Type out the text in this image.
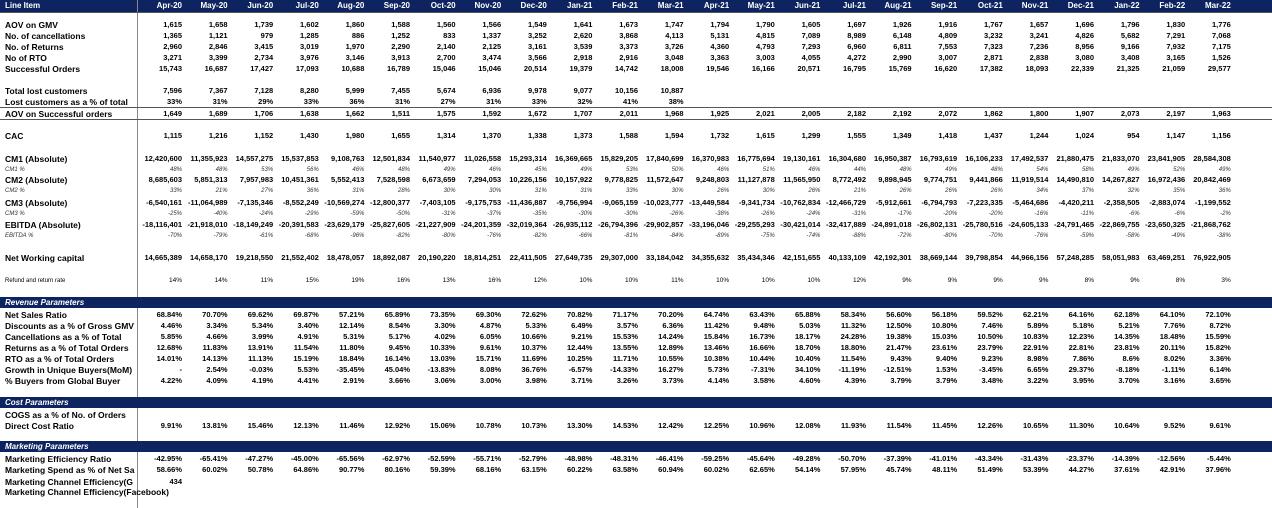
Line Item	Apr-20	May-20	Jun-20	Jul-20	Aug-20	Sep-20	Oct-20	Nov-20	Dec-20	Jan-21	Feb-21	Mar-21	Apr-21	May-21	Jun-21	Jul-21	Aug-21	Sep-21	Oct-21	Nov-21	Dec-21	Jan-22	Feb-22	Mar-22
AOV on GMV	1,615	1,658	1,739	1,602	1,860	1,588	1,560	1,566	1,549	1,641	1,673	1,747	1,794	1,790	1,605	1,697	1,926	1,916	1,767	1,657	1,696	1,796	1,830	1,776
No. of cancellations	1,365	1,121	979	1,285	886	1,252	833	1,337	3,252	2,620	3,868	4,113	5,131	4,815	7,089	8,989	6,148	4,809	3,232	3,241	4,826	5,682	7,291	7,068
No. of Returns	2,960	2,846	3,415	3,019	1,970	2,290	2,140	2,125	3,161	3,539	3,373	3,726	4,360	4,793	7,293	6,960	6,811	7,553	7,323	7,236	8,956	9,166	7,932	7,175
No of RTO	3,271	3,399	2,734	3,976	3,146	3,913	2,700	3,474	3,566	2,918	2,916	3,048	3,363	3,003	4,055	4,272	2,990	3,007	2,871	2,838	3,080	3,408	3,165	1,526
Successful Orders	15,743	16,687	17,427	17,093	10,688	16,789	15,046	15,046	20,514	19,379	14,742	18,008	19,546	16,166	20,571	16,795	15,769	16,620	17,382	18,093	22,339	21,325	21,059	29,577
Total lost customers	7,596	7,367	7,128	8,280	5,999	7,455	5,674	6,936	9,978	9,077	10,156	10,887
Lost customers as a % of total	33%	31%	29%	33%	36%	31%	27%	31%	33%	32%	41%	38%
AOV on Successful orders	1,649	1,689	1,706	1,638	1,662	1,511	1,575	1,592	1,672	1,707	2,011	1,968	1,925	2,021	2,005	2,182	2,192	2,072	1,862	1,800	1,907	2,073	2,197	1,963
CAC	1,115	1,216	1,152	1,430	1,980	1,655	1,314	1,370	1,338	1,373	1,588	1,594	1,732	1,615	1,299	1,555	1,349	1,418	1,437	1,244	1,024	954	1,147	1,156
CM1 (Absolute)	12,420,600	11,355,923	14,557,275	15,537,853	9,108,763	12,501,834	11,540,977	11,026,558	15,293,314	16,369,665	15,829,205	17,840,699	16,370,983	16,775,694	19,130,161	16,304,680	16,950,387	16,793,619	16,106,233	17,492,537	21,880,475	21,833,070	23,841,905	28,584,308
CM1 %	48%	48%	53%	56%	46%	48%	49%	46%	45%	49%	53%	50%	46%	51%	46%	44%	48%	49%	48%	54%	58%	49%	52%	49%
CM2 (Absolute)	8,685,603	5,851,313	7,957,983	10,451,361	5,552,413	7,528,598	6,673,659	7,294,053	10,226,156	10,157,922	9,778,825	11,572,647	9,248,803	11,127,878	11,565,950	8,772,492	9,898,945	9,774,751	9,441,866	11,919,514	14,490,810	14,267,827	16,972,436	20,842,469
CM2 %	33%	21%	27%	36%	31%	28%	30%	30%	31%	31%	33%	30%	26%	30%	26%	21%	26%	26%	26%	34%	37%	32%	35%	36%
CM3 (Absolute)	-6,540,161 -11,064,989	-7,135,346	-8,552,249 -10,569,274 -12,800,377	-7,403,105	-9,175,753 -11,436,887	-9,756,994	-9,065,159 -10,023,777 -13,449,584	-9,341,734 -10,762,834 -12,466,729	-5,912,661	-6,794,793	-7,223,335	-5,464,686	-4,420,211	-2,358,505	-2,883,074	-1,199,552
CM3 %	-25%	-40%	-24%	-29%	-59%	-50%	-31%	-37%	-35%	-30%	-30%	-26%	-38%	-26%	-24%	-31%	-17%	-20%	-20%	-16%	-11%	-6%	-6%	-2%
EBITDA (Absolute)	-18,116,401 -21,918,010 -18,149,249 -20,391,583 -23,629,179 -25,827,605 -21,227,909 -24,201,359 -32,019,364 -26,935,112 -26,794,396 -29,902,857 -33,196,046 -29,255,293 -30,421,014 -32,417,889 -24,891,018 -26,802,131 -25,780,516 -24,605,133 -24,791,465 -22,869,755 -23,650,325 -21,868,762
EBITDA %	-70%	-79%	-61%	-68%	-96%	-82%	-80%	-76%	-82%	-66%	-81%	-84%	-89%	-75%	-74%	-88%	-72%	-80%	-70%	-76%	-59%	-58%	-49%	-38%
Net Working capital	14,665,389	14,658,170	19,218,550	21,552,402	18,478,057	18,892,087	20,190,220	18,814,251	22,411,505	27,649,735	29,307,000	33,184,042	34,355,632	35,434,346	42,151,655	40,133,109	42,192,301	38,669,144	39,798,854	44,966,156	57,248,285	58,051,983	63,469,251	76,922,905
Refund and return rate	14%	14%	11%	15%	19%	16%	13%	16%	12%	10%	10%	11%	10%	10%	10%	12%	9%	9%	9%	9%	8%	9%	8%	3%
Net Sales Ratio	68.84%	70.70%	69.62%	69.87%	57.21%	65.89%	73.35%	69.30%	72.62%	70.82%	71.17%	70.20%	64.74%	63.43%	65.88%	58.34%	56.60%	56.18%	59.52%	62.21%	64.16%	62.18%	64.10%	72.10%
Discounts as a % of Gross GMV	4.46%	3.34%	5.34%	3.40%	12.14%	8.54%	3.30%	4.87%	5.33%	6.49%	3.57%	6.36%	11.42%	9.48%	5.03%	11.32%	12.50%	10.80%	7.46%	5.89%	5.18%	5.21%	7.76%	8.72%
Cancellations as a % of Total	5.85%	4.66%	3.99%	4.91%	5.31%	5.17%	4.02%	6.05%	10.66%	9.21%	15.53%	14.24%	15.84%	16.73%	18.17%	24.28%	19.38%	15.03%	10.50%	10.83%	12.23%	14.35%	18.48%	15.59%
Returns as a % of Total Orders	12.68%	11.83%	13.91%	11.54%	11.80%	9.45%	10.33%	9.61%	10.37%	12.44%	13.55%	12.89%	13.46%	16.66%	18.70%	18.80%	21.47%	23.61%	23.79%	22.91%	22.81%	23.81%	20.11%	15.82%
RTO as a % of Total Orders	14.01%	14.13%	11.13%	15.19%	18.84%	16.14%	13.03%	15.71%	11.69%	10.25%	11.71%	10.55%	10.38%	10.44%	10.40%	11.54%	9.43%	9.40%	9.23%	8.98%	7.86%	8.6%	8.02%	3.36%
Growth in Unique Buyers(MoM)	-	2.54%	-0.03%	5.53%	-35.45%	45.04%	-13.83%	8.08%	36.76%	-6.57%	-14.33%	16.27%	5.73%	-7.31%	34.10%	-11.19%	-12.51%	1.53%	-3.45%	6.65%	29.37%	-8.18%	-1.11%	6.14%
% Buyers from Global Buyer	4.22%	4.09%	4.19%	4.41%	2.91%	3.66%	3.06%	3.00%	3.98%	3.71%	3.26%	3.73%	4.14%	3.58%	4.60%	4.39%	3.79%	3.79%	3.48%	3.22%	3.95%	3.70%	3.16%	3.65%
COGS as a % of No. of Orders
Direct Cost Ratio	9.91%	13.81%	15.46%	12.13%	11.46%	12.92%	15.06%	10.78%	10.73%	13.30%	14.53%	12.42%	12.25%	10.96%	12.08%	11.93%	11.54%	11.45%	12.26%	10.65%	11.30%	10.64%	9.52%	9.61%
Marketing Efficiency Ratio	-42.95%	-65.41%	-47.27%	-45.00%	-65.56%	-62.97%	-52.59%	-55.71%	-52.79%	-48.98%	-48.31%	-46.41%	-59.25%	-45.64%	-49.28%	-50.70%	-37.39%	-41.01%	-43.34%	-31.43%	-23.37%	-14.39%	-12.56%	-5.44%
Marketing Spend as % of Net Sa	58.66%	60.02%	50.78%	64.86%	90.77%	80.16%	59.39%	68.16%	63.15%	60.22%	63.58%	60.94%	60.02%	62.65%	54.14%	57.95%	45.74%	48.11%	51.49%	53.39%	44.27%	37.61%	42.91%	37.96%
Marketing Channel Efficiency(G	434
Marketing Channel Efficiency(Facebook)
Revenue Parameters
Cost Parameters
Marketing Parameters
